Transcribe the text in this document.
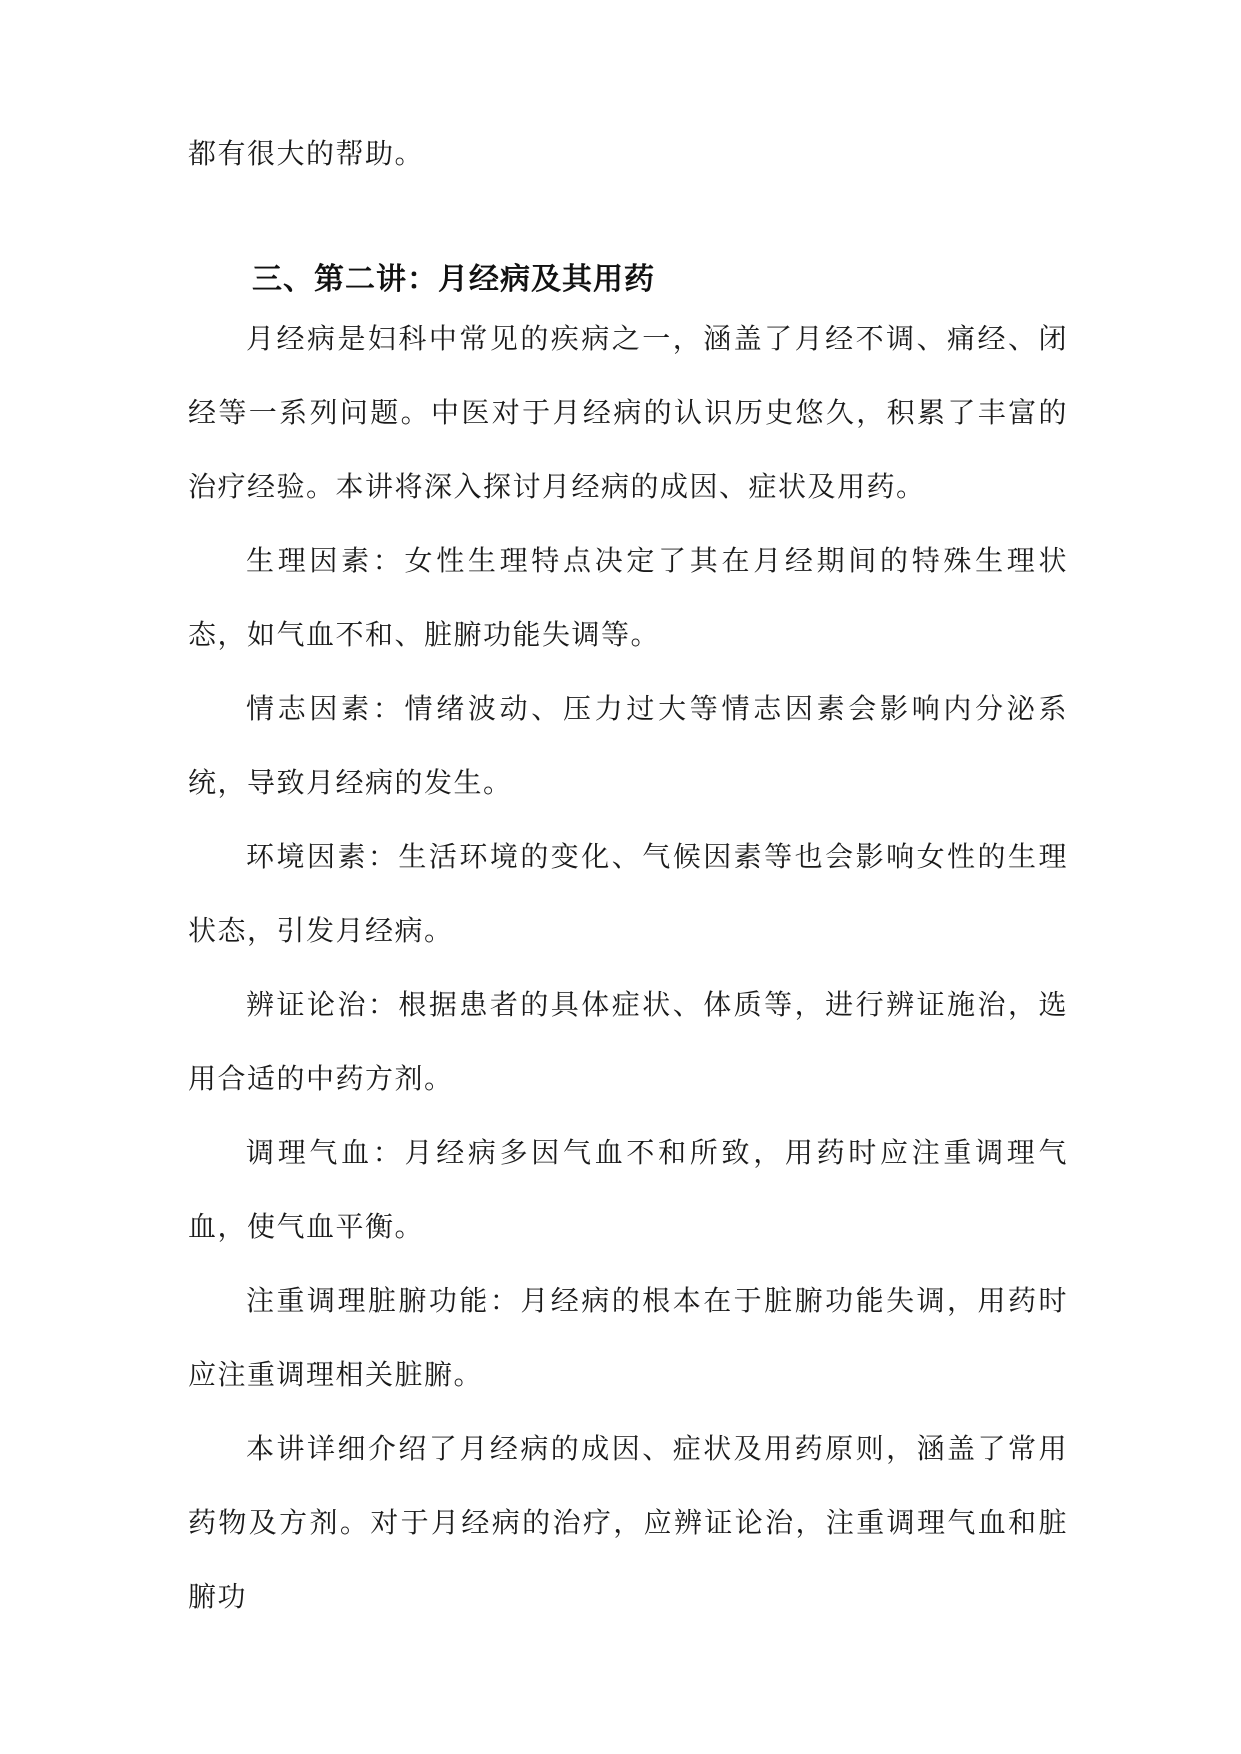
都有很大的帮助。

三、第二讲：月经病及其用药

月经病是妇科中常见的疾病之一，涵盖了月经不调、痛经、闭经等一系列问题。中医对于月经病的认识历史悠久，积累了丰富的治疗经验。本讲将深入探讨月经病的成因、症状及用药。

生理因素：女性生理特点决定了其在月经期间的特殊生理状态，如气血不和、脏腑功能失调等。

情志因素：情绪波动、压力过大等情志因素会影响内分泌系统，导致月经病的发生。

环境因素：生活环境的变化、气候因素等也会影响女性的生理状态，引发月经病。

辨证论治：根据患者的具体症状、体质等，进行辨证施治，选用合适的中药方剂。

调理气血：月经病多因气血不和所致，用药时应注重调理气血，使气血平衡。

注重调理脏腑功能：月经病的根本在于脏腑功能失调，用药时应注重调理相关脏腑。

本讲详细介绍了月经病的成因、症状及用药原则，涵盖了常用药物及方剂。对于月经病的治疗，应辨证论治，注重调理气血和脏腑功
